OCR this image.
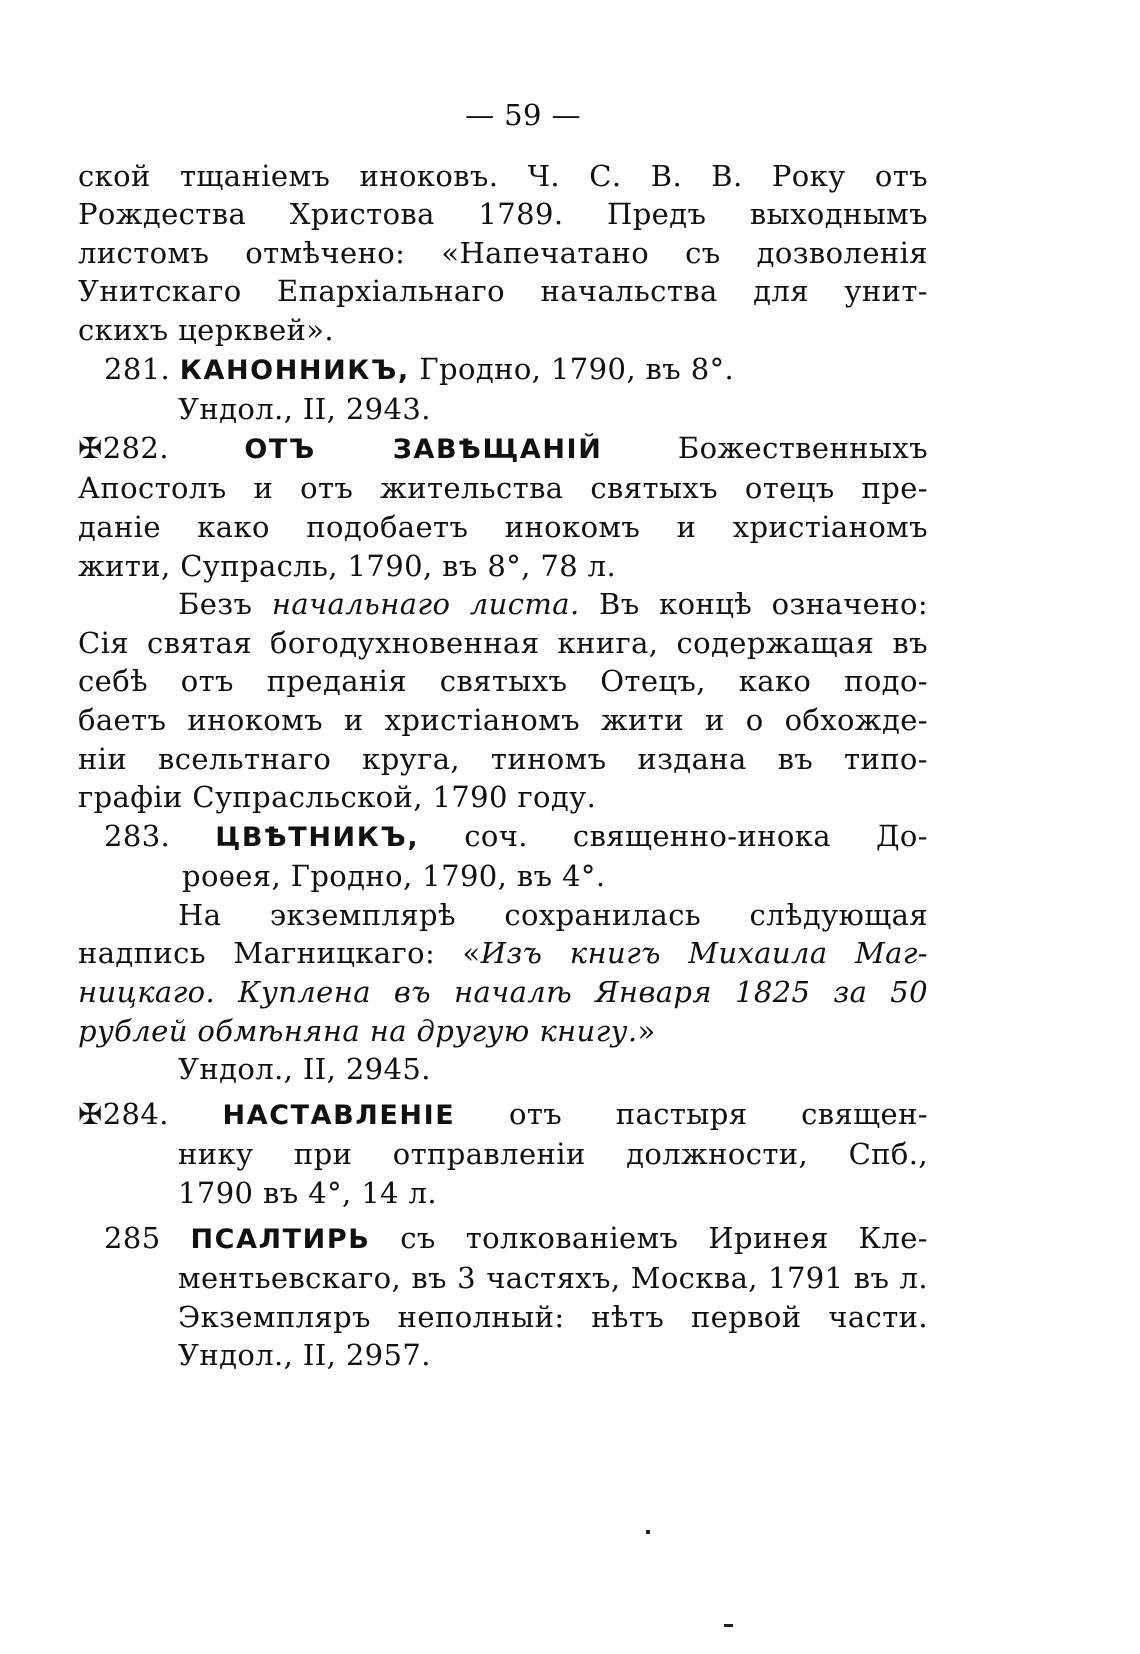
— 59 —
ской тщаніемъ иноковъ. Ч. С. В. В. Року отъ
Рождества Христова 1789. Предъ выходнымъ
листомъ отмѣчено: «Напечатано съ дозволенія
Унитскаго Епархіальнаго начальства для унит-
скихъ церквей».
281. КАНОННИКЪ, Гродно, 1790, въ 8°.
Ундол., II, 2943.
✠282.	ОТЪ ЗАВѢЩАНІЙ Божественныхъ
Апостолъ и отъ жительства святыхъ отецъ пре-
даніе како подобаетъ инокомъ и христіаномъ
жити, Супрасль, 1790, въ 8°, 78 л.
Безъ начальнаго листа. Въ концѣ означено:
Сія святая богодухновенная книга, содержащая въ
себѣ отъ преданія святыхъ Отецъ, како подо-
баетъ инокомъ и христіаномъ жити и о обхожде-
ніи всельтнаго круга, тиномъ издана въ типо-
графіи Супрасльской, 1790 году.
283. ЦВѢТНИКЪ, соч. священно-инока До-
роѳея, Гродно, 1790, въ 4°.
На экземплярѣ сохранилась слѣдующая
надпись Магницкаго: «Изъ книгъ Михаила Маг-
ницкаго. Куплена въ началѣ Января 1825 за 50
рублей обмѣняна на другую книгу.»
Ундол., II, 2945.
✠284. НАСТАВЛЕНІЕ отъ пастыря священ-
нику при отправленіи должности, Спб.,
1790 въ 4°, 14 л.
285 ПСАЛТИРЬ съ толкованіемъ Иринея Кле-
ментьевскаго, въ 3 частяхъ, Москва, 1791 въ л.
Экземпляръ неполный: нѣтъ первой части.
Ундол., II, 2957.
